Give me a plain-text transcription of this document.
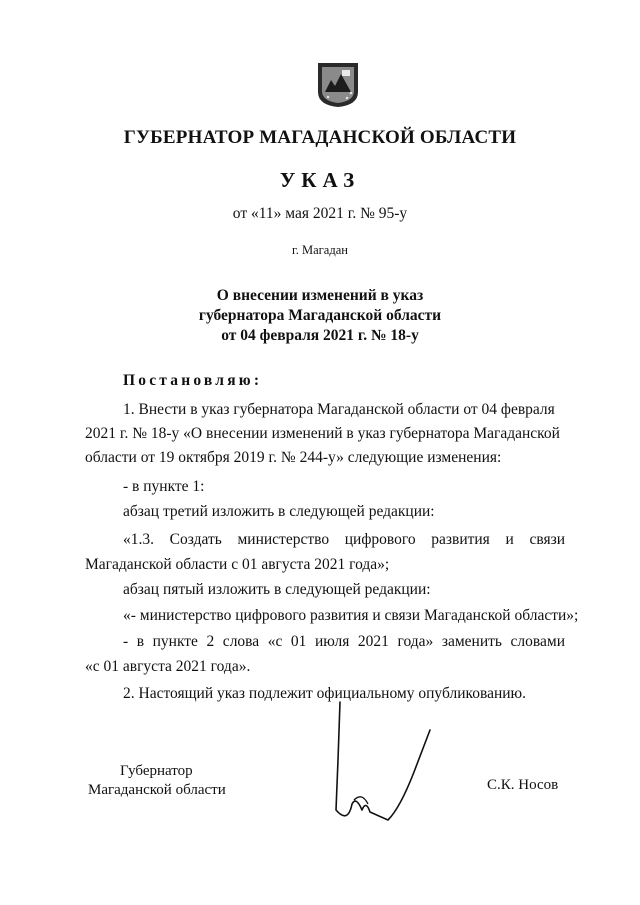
ГУБЕРНАТОР МАГАДАНСКОЙ ОБЛАСТИ
УКАЗ
от «11» мая 2021 г. № 95-у
г. Магадан
О внесении изменений в указ
губернатора Магаданской области
от 04 февраля 2021 г. № 18-у
Постановляю:
1. Внести в указ губернатора Магаданской области от 04 февраля
2021 г. № 18-у «О внесении изменений в указ губернатора Магаданской
области от 19 октября 2019 г. № 244-у» следующие изменения:
- в пункте 1:
абзац третий изложить в следующей редакции:
«1.3. Создать министерство цифрового развития и связи
Магаданской области с 01 августа 2021 года»;
абзац пятый изложить в следующей редакции:
«- министерство цифрового развития и связи Магаданской области»;
- в пункте 2 слова «с 01 июля 2021 года» заменить словами
«с 01 августа 2021 года».
2. Настоящий указ подлежит официальному опубликованию.
Губернатор
Магаданской области	С.К. Носов
